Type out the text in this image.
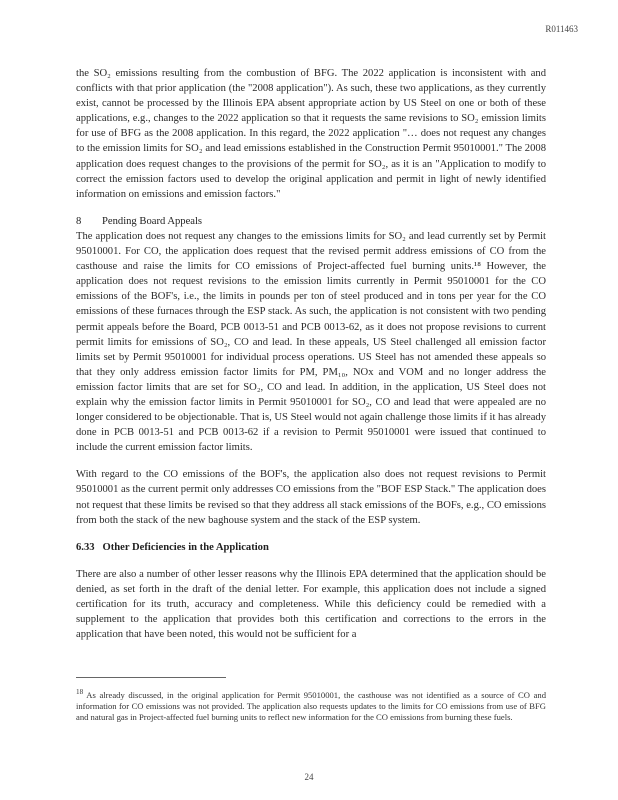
R011463

the SO₂ emissions resulting from the combustion of BFG. The 2022 application is inconsistent with and conflicts with that prior application (the "2008 application"). As such, these two applications, as they currently exist, cannot be processed by the Illinois EPA absent appropriate action by US Steel on one or both of these applications, e.g., changes to the 2022 application so that it requests the same revisions to SO₂ emission limits for use of BFG as the 2008 application. In this regard, the 2022 application "… does not request any changes to the emission limits for SO₂ and lead emissions established in the Construction Permit 95010001." The 2008 application does request changes to the provisions of the permit for SO₂, as it is an "Application to modify to correct the emission factors used to develop the original application and permit in light of newly identified information on emissions and emission factors."

8 Pending Board Appeals

The application does not request any changes to the emissions limits for SO₂ and lead currently set by Permit 95010001. For CO, the application does request that the revised permit address emissions of CO from the casthouse and raise the limits for CO emissions of Project-affected fuel burning units.¹⁸ However, the application does not request revisions to the emission limits currently in Permit 95010001 for the CO emissions of the BOF's, i.e., the limits in pounds per ton of steel produced and in tons per year for the CO emissions of these furnaces through the ESP stack. As such, the application is not consistent with two pending permit appeals before the Board, PCB 0013-51 and PCB 0013-62, as it does not propose revisions to current permit limits for emissions of SO₂, CO and lead. In these appeals, US Steel challenged all emission factor limits set by Permit 95010001 for individual process operations. US Steel has not amended these appeals so that they only address emission factor limits for PM, PM₁₀, NOx and VOM and no longer address the emission factor limits that are set for SO₂, CO and lead. In addition, in the application, US Steel does not explain why the emission factor limits in Permit 95010001 for SO₂, CO and lead that were appealed are no longer considered to be objectionable. That is, US Steel would not again challenge those limits if it has already done in PCB 0013-51 and PCB 0013-62 if a revision to Permit 95010001 were issued that continued to include the current emission factor limits.

With regard to the CO emissions of the BOF's, the application also does not request revisions to Permit 95010001 as the current permit only addresses CO emissions from the "BOF ESP Stack." The application does not request that these limits be revised so that they address all stack emissions of the BOFs, e.g., CO emissions from both the stack of the new baghouse system and the stack of the ESP system.

6.33 Other Deficiencies in the Application

There are also a number of other lesser reasons why the Illinois EPA determined that the application should be denied, as set forth in the draft of the denial letter. For example, this application does not include a signed certification for its truth, accuracy and completeness. While this deficiency could be remedied with a supplement to the application that provides both this certification and corrections to the errors in the application that have been noted, this would not be sufficient for a

$^{18}$ As already discussed, in the original application for Permit 95010001, the casthouse was not identified as a source of CO and information for CO emissions was not provided. The application also requests updates to the limits for CO emissions from use of BFG and natural gas in Project-affected fuel burning units to reflect new information for the CO emissions from burning these fuels.
24
